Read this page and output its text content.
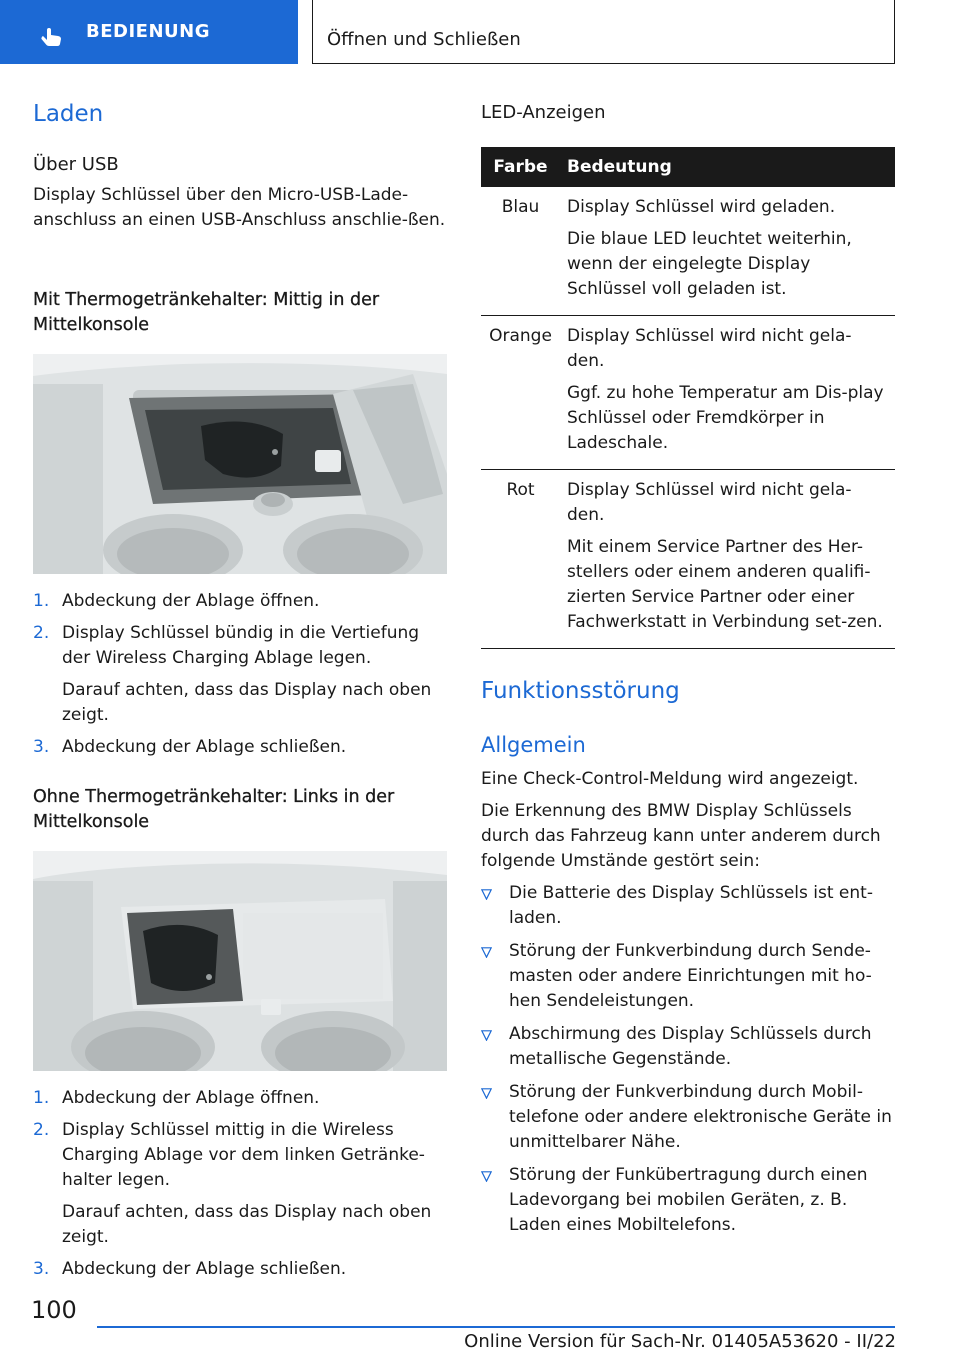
BEDIENUNG	Öffnen und Schließen
Laden
Über USB
Display Schlüssel über den Micro-USB-Lade-anschluss an einen USB-Anschluss anschlie-ßen.
Mit Thermogetränkehalter: Mittig in der Mittelkonsole
1. Abdeckung der Ablage öffnen.
2. Display Schlüssel bündig in die Vertiefung der Wireless Charging Ablage legen.
Darauf achten, dass das Display nach oben zeigt.
3. Abdeckung der Ablage schließen.
Ohne Thermogetränkehalter: Links in der Mittelkonsole
1. Abdeckung der Ablage öffnen.
2. Display Schlüssel mittig in die Wireless Charging Ablage vor dem linken Getränke-halter legen.
Darauf achten, dass das Display nach oben zeigt.
3. Abdeckung der Ablage schließen.
LED-Anzeigen
Farbe	Bedeutung
Blau	Display Schlüssel wird geladen.
Die blaue LED leuchtet weiterhin, wenn der eingelegte Display Schlüssel voll geladen ist.

Orange	Display Schlüssel wird nicht gela-den.
Ggf. zu hohe Temperatur am Dis-play Schlüssel oder Fremdkörper in Ladeschale.

Rot	Display Schlüssel wird nicht gela-den.
Mit einem Service Partner des Her-stellers oder einem anderen qualifi-zierten Service Partner oder einer Fachwerkstatt in Verbindung set-zen.
Funktionsstörung
Allgemein
Eine Check-Control-Meldung wird angezeigt.
Die Erkennung des BMW Display Schlüssels durch das Fahrzeug kann unter anderem durch folgende Umstände gestört sein:
Die Batterie des Display Schlüssels ist ent-laden.
Störung der Funkverbindung durch Sende-masten oder andere Einrichtungen mit ho-hen Sendeleistungen.
Abschirmung des Display Schlüssels durch metallische Gegenstände.
Störung der Funkverbindung durch Mobil-telefone oder andere elektronische Geräte in unmittelbarer Nähe.
Störung der Funkübertragung durch einen Ladevorgang bei mobilen Geräten, z. B. Laden eines Mobiltelefons.
100
Online Version für Sach-Nr. 01405A53620 - II/22
